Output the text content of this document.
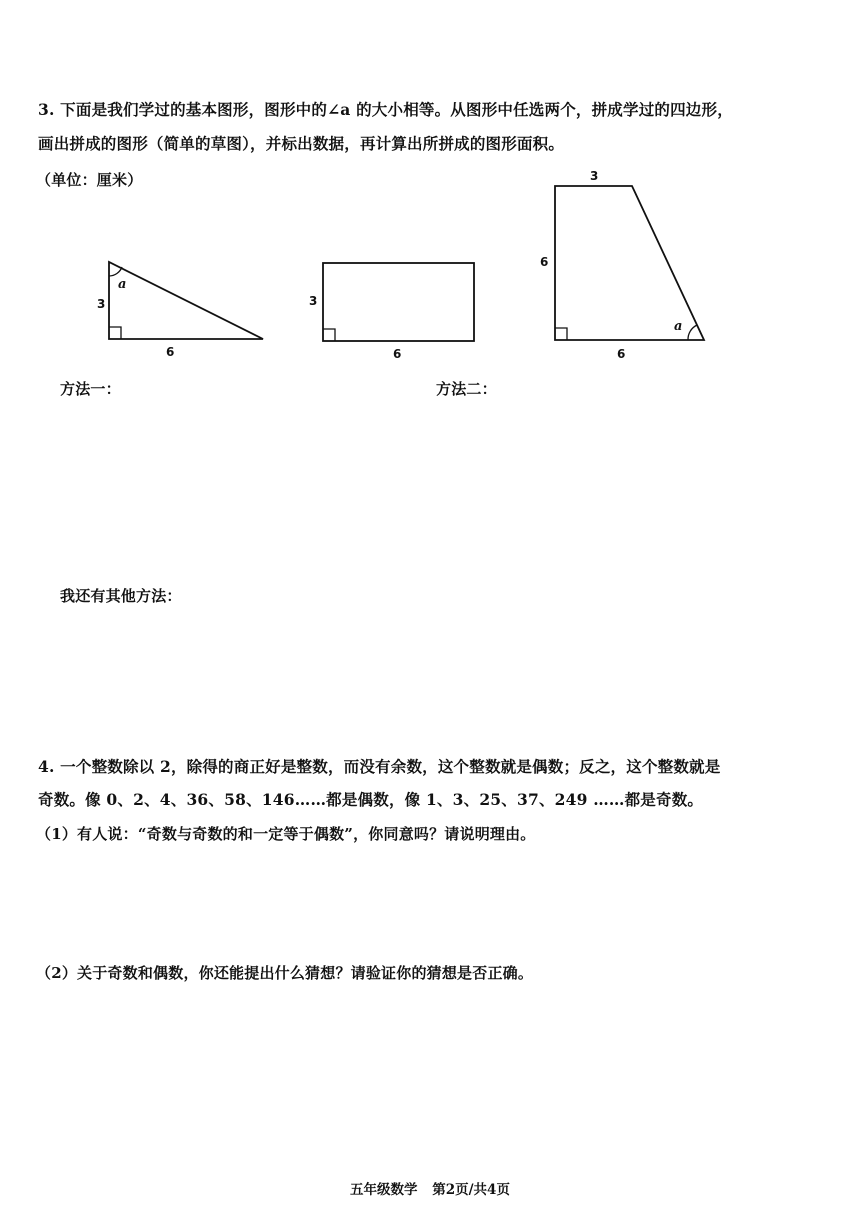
3. 下面是我们学过的基本图形，图形中的∠a 的大小相等。从图形中任选两个，拼成学过的四边形，
画出拼成的图形（简单的草图），并标出数据，再计算出所拼成的图形面积。
（单位：厘米）
a
3
6
3
6
a
3
6
6
方法一：	方法二：
我还有其他方法：
4. 一个整数除以 2，除得的商正好是整数，而没有余数，这个整数就是偶数；反之，这个整数就是
奇数。像 0、2、4、36、58、146……都是偶数，像 1、3、25、37、249 ……都是奇数。
（1）有人说：“奇数与奇数的和一定等于偶数”，你同意吗？请说明理由。
（2）关于奇数和偶数，你还能提出什么猜想？请验证你的猜想是否正确。
五年级数学 第2页/共4页
